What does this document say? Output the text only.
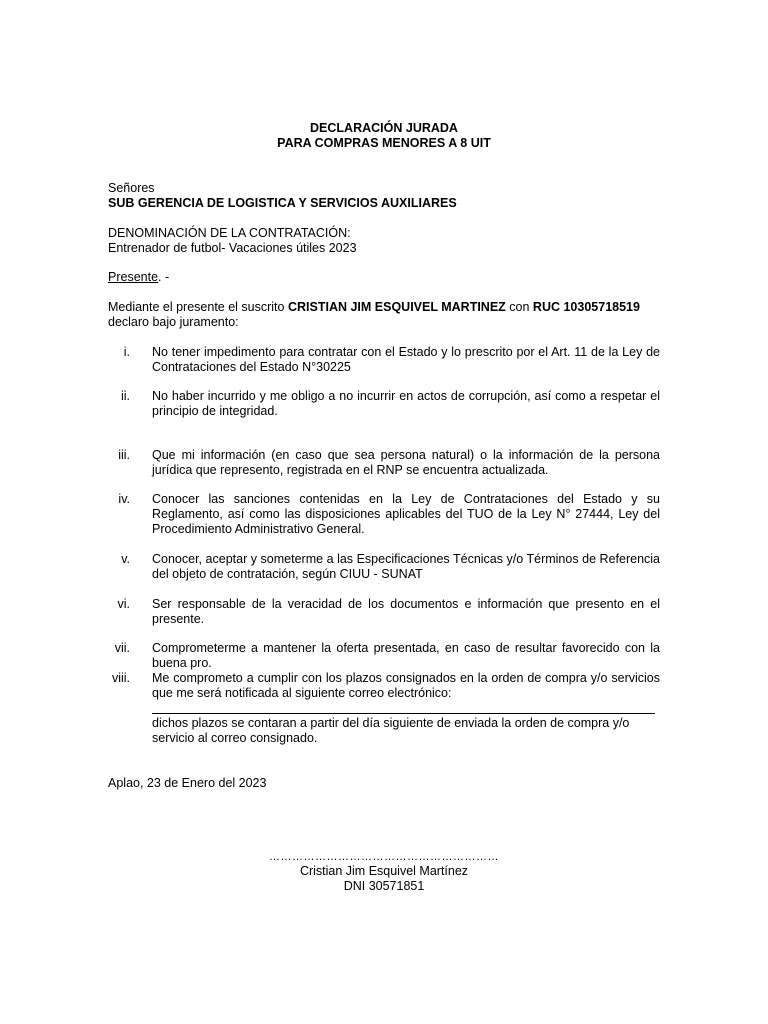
DECLARACIÓN JURADA
PARA COMPRAS MENORES A 8 UIT
Señores
SUB GERENCIA DE LOGISTICA Y SERVICIOS AUXILIARES
DENOMINACIÓN DE LA CONTRATACIÓN:
Entrenador de futbol- Vacaciones útiles 2023
Presente. -
Mediante el presente el suscrito CRISTIAN JIM ESQUIVEL MARTINEZ con RUC 10305718519
declaro bajo juramento:
i. No tener impedimento para contratar con el Estado y lo prescrito por el Art. 11 de la Ley de Contrataciones del Estado N°30225
ii. No haber incurrido y me obligo a no incurrir en actos de corrupción, así como a respetar el principio de integridad.
iii. Que mi información (en caso que sea persona natural) o la información de la persona jurídica que represento, registrada en el RNP se encuentra actualizada.
iv. Conocer las sanciones contenidas en la Ley de Contrataciones del Estado y su Reglamento, así como las disposiciones aplicables del TUO de la Ley N° 27444, Ley del Procedimiento Administrativo General.
v. Conocer, aceptar y someterme a las Especificaciones Técnicas y/o Términos de Referencia del objeto de contratación, según CIUU - SUNAT
vi. Ser responsable de la veracidad de los documentos e información que presento en el presente.
vii. Comprometerme a mantener la oferta presentada, en caso de resultar favorecido con la buena pro.
viii. Me comprometo a cumplir con los plazos consignados en la orden de compra y/o servicios que me será notificada al siguiente correo electrónico:
dichos plazos se contaran a partir del día siguiente de enviada la orden de compra y/o servicio al correo consignado.
Aplao, 23 de Enero del 2023
……………………………………………………
Cristian Jim Esquivel Martínez
DNI 30571851
